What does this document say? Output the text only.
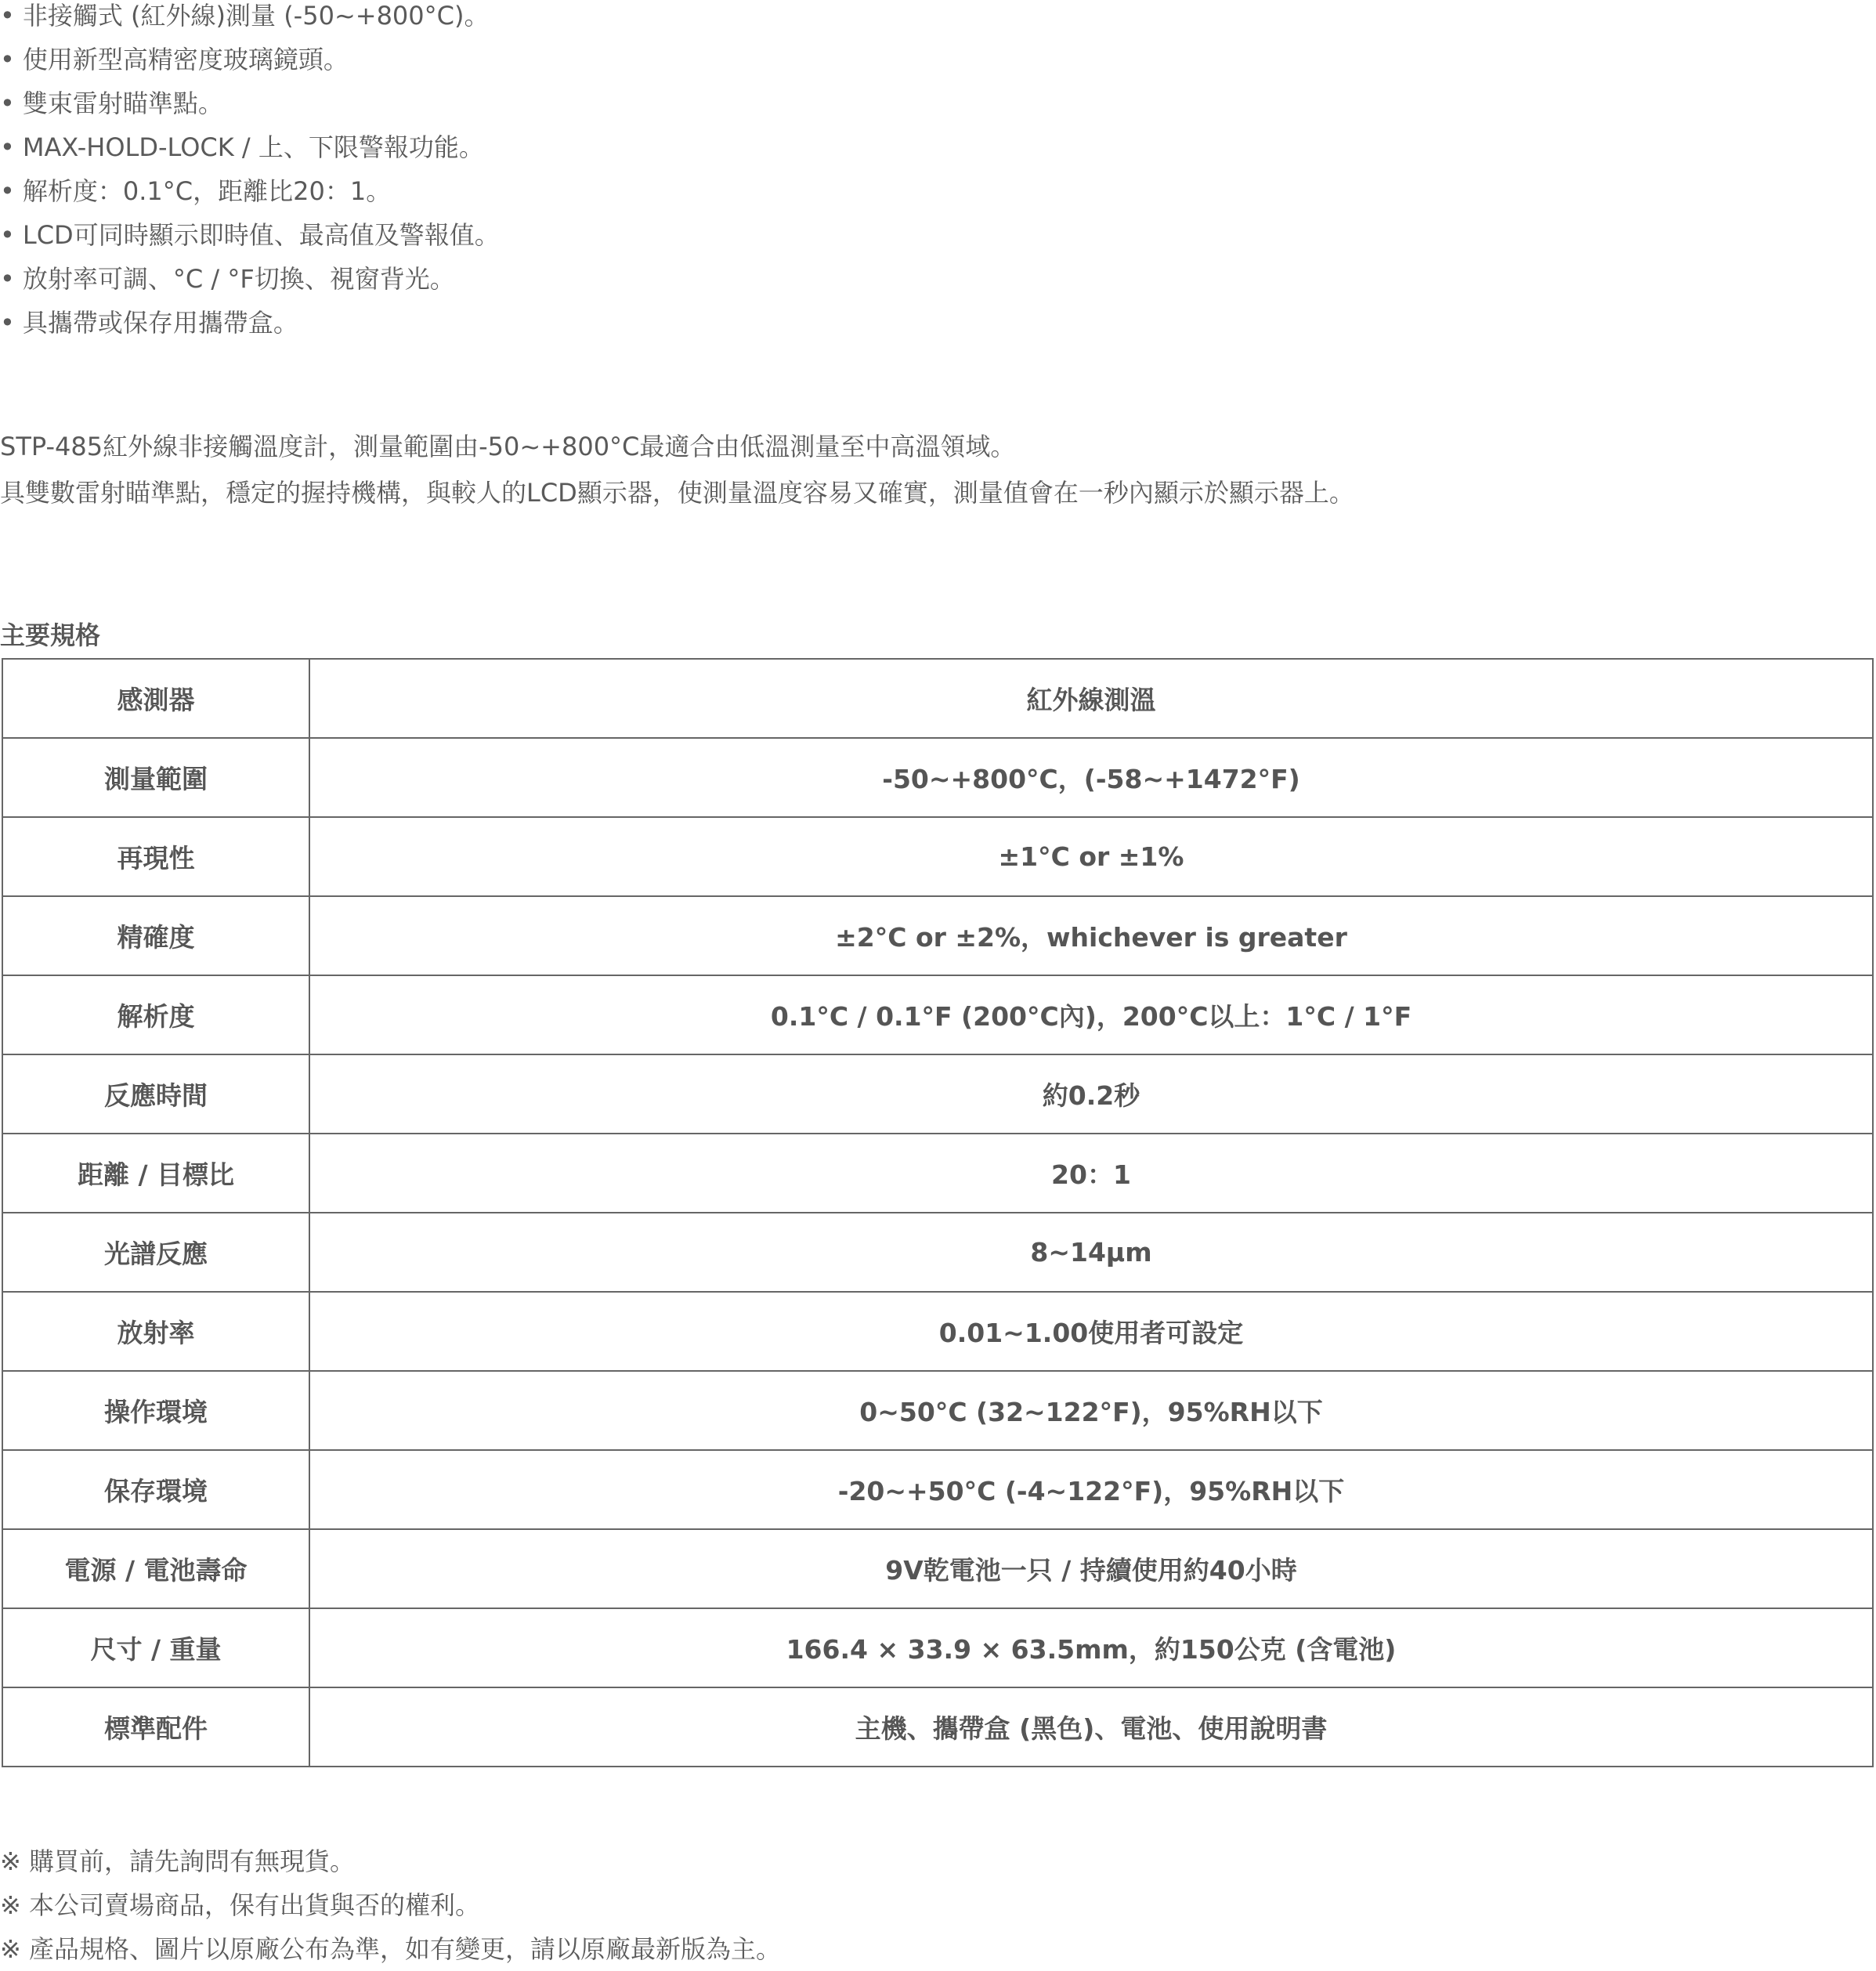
• 非接觸式 (紅外線)測量 (-50~+800°C)。
• 使用新型高精密度玻璃鏡頭。
• 雙束雷射瞄準點。
• MAX-HOLD-LOCK / 上、下限警報功能。
• 解析度：0.1°C，距離比20：1。
• LCD可同時顯示即時值、最高值及警報值。
• 放射率可調、°C / °F切換、視窗背光。
• 具攜帶或保存用攜帶盒。

STP-485紅外線非接觸溫度計，測量範圍由-50~+800°C最適合由低溫測量至中高溫領域。

具雙數雷射瞄準點，穩定的握持機構，與較人的LCD顯示器，使測量溫度容易又確實，測量值會在一秒內顯示於顯示器上。

主要規格
感測器	紅外線測溫
測量範圍	-50~+800°C，(-58~+1472°F)
再現性	±1°C or ±1%
精確度	±2°C or ±2%，whichever is greater
解析度	0.1°C / 0.1°F (200°C內)，200°C以上：1°C / 1°F
反應時間	約0.2秒
距離 / 目標比	20：1
光譜反應	8~14μm
放射率	0.01~1.00使用者可設定
操作環境	0~50°C (32~122°F)，95%RH以下
保存環境	-20~+50°C (-4~122°F)，95%RH以下
電源 / 電池壽命	9V乾電池一只 / 持續使用約40小時
尺寸 / 重量	166.4 × 33.9 × 63.5mm，約150公克 (含電池)
標準配件	主機、攜帶盒 (黑色)、電池、使用說明書

※ 購買前，請先詢問有無現貨。

※ 本公司賣場商品，保有出貨與否的權利。

※ 產品規格、圖片以原廠公布為準，如有變更，請以原廠最新版為主。
